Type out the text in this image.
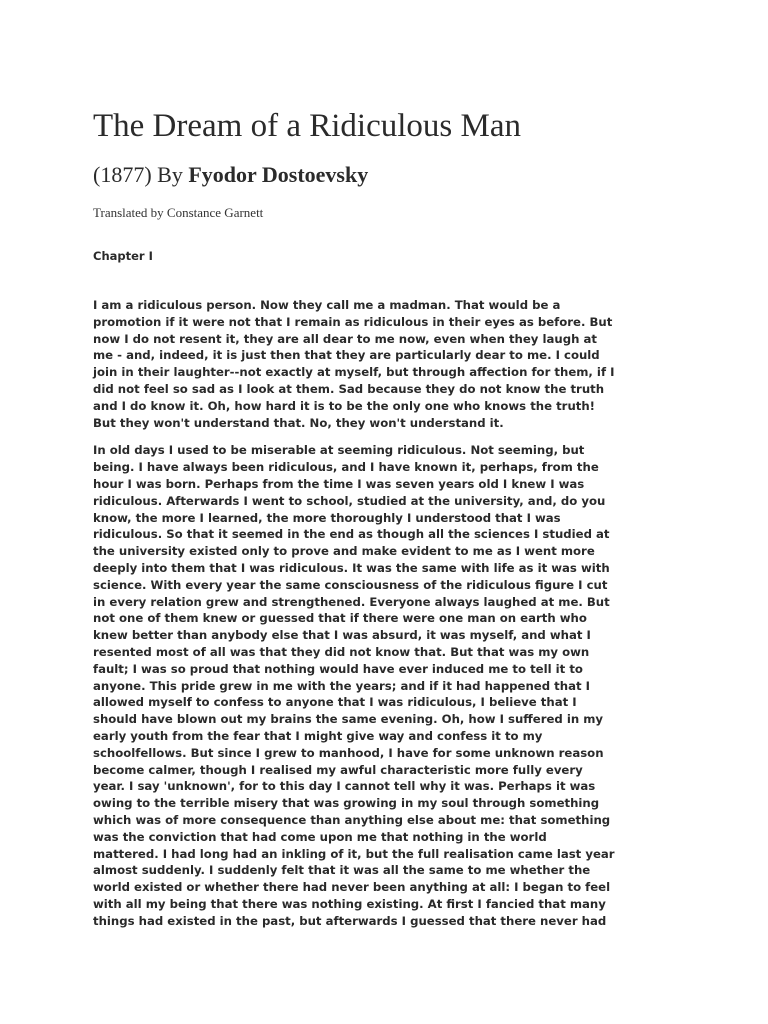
The Dream of a Ridiculous Man

(1877) By Fyodor Dostoevsky

Translated by Constance Garnett

Chapter I

I am a ridiculous person. Now they call me a madman. That would be a
promotion if it were not that I remain as ridiculous in their eyes as before. But
now I do not resent it, they are all dear to me now, even when they laugh at
me - and, indeed, it is just then that they are particularly dear to me. I could
join in their laughter--not exactly at myself, but through affection for them, if I
did not feel so sad as I look at them. Sad because they do not know the truth
and I do know it. Oh, how hard it is to be the only one who knows the truth!
But they won't understand that. No, they won't understand it.

In old days I used to be miserable at seeming ridiculous. Not seeming, but
being. I have always been ridiculous, and I have known it, perhaps, from the
hour I was born. Perhaps from the time I was seven years old I knew I was
ridiculous. Afterwards I went to school, studied at the university, and, do you
know, the more I learned, the more thoroughly I understood that I was
ridiculous. So that it seemed in the end as though all the sciences I studied at
the university existed only to prove and make evident to me as I went more
deeply into them that I was ridiculous. It was the same with life as it was with
science. With every year the same consciousness of the ridiculous figure I cut
in every relation grew and strengthened. Everyone always laughed at me. But
not one of them knew or guessed that if there were one man on earth who
knew better than anybody else that I was absurd, it was myself, and what I
resented most of all was that they did not know that. But that was my own
fault; I was so proud that nothing would have ever induced me to tell it to
anyone. This pride grew in me with the years; and if it had happened that I
allowed myself to confess to anyone that I was ridiculous, I believe that I
should have blown out my brains the same evening. Oh, how I suffered in my
early youth from the fear that I might give way and confess it to my
schoolfellows. But since I grew to manhood, I have for some unknown reason
become calmer, though I realised my awful characteristic more fully every
year. I say 'unknown', for to this day I cannot tell why it was. Perhaps it was
owing to the terrible misery that was growing in my soul through something
which was of more consequence than anything else about me: that something
was the conviction that had come upon me that nothing in the world
mattered. I had long had an inkling of it, but the full realisation came last year
almost suddenly. I suddenly felt that it was all the same to me whether the
world existed or whether there had never been anything at all: I began to feel
with all my being that there was nothing existing. At first I fancied that many
things had existed in the past, but afterwards I guessed that there never had
